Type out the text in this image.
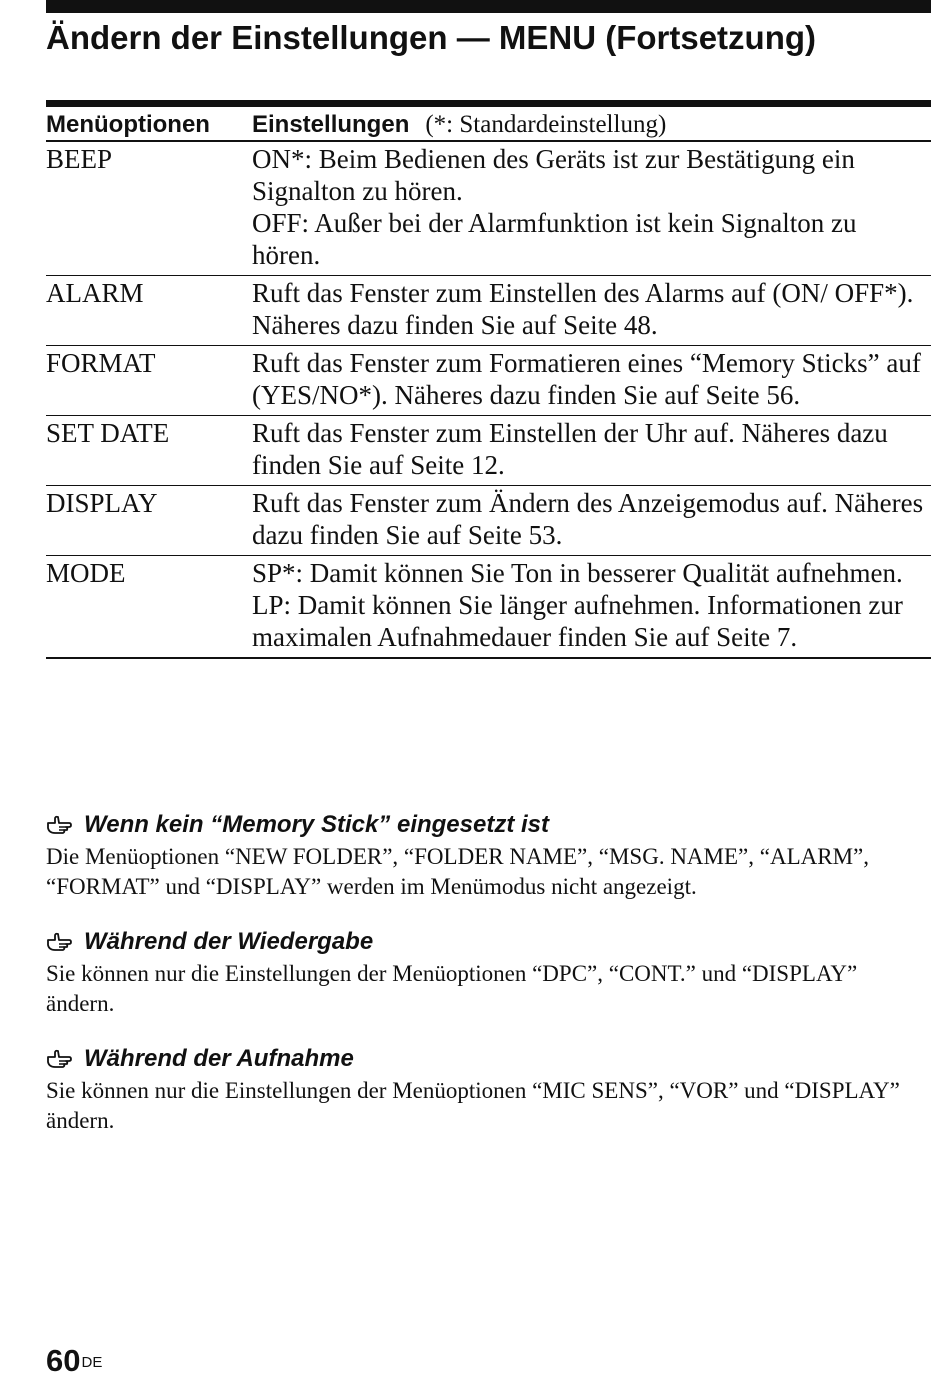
Ändern der Einstellungen — MENU (Fortsetzung)
Menüoptionen	Einstellungen (*: Standardeinstellung)
BEEP	ON*: Beim Bedienen des Geräts ist zur Bestätigung ein Signalton zu hören.

OFF: Außer bei der Alarmfunktion ist kein Signalton zu hören.

ALARM	Ruft das Fenster zum Einstellen des Alarms auf (ON/ OFF*). Näheres dazu finden Sie auf Seite 48.

FORMAT	Ruft das Fenster zum Formatieren eines “Memory Sticks” auf (YES/NO*). Näheres dazu finden Sie auf Seite 56.

SET DATE	Ruft das Fenster zum Einstellen der Uhr auf. Näheres dazu finden Sie auf Seite 12.

DISPLAY	Ruft das Fenster zum Ändern des Anzeigemodus auf. Näheres dazu finden Sie auf Seite 53.

MODE	SP*: Damit können Sie Ton in besserer Qualität aufnehmen.

LP: Damit können Sie länger aufnehmen. Informationen zur maximalen Aufnahmedauer finden Sie auf Seite 7.

Wenn kein “Memory Stick” eingesetzt ist
Die Menüoptionen “NEW FOLDER”, “FOLDER NAME”, “MSG. NAME”, “ALARM”, “FORMAT” und “DISPLAY” werden im Menümodus nicht angezeigt.
Während der Wiedergabe
Sie können nur die Einstellungen der Menüoptionen “DPC”, “CONT.” und “DISPLAY” ändern.
Während der Aufnahme
Sie können nur die Einstellungen der Menüoptionen “MIC SENS”, “VOR” und “DISPLAY” ändern.
60DE
